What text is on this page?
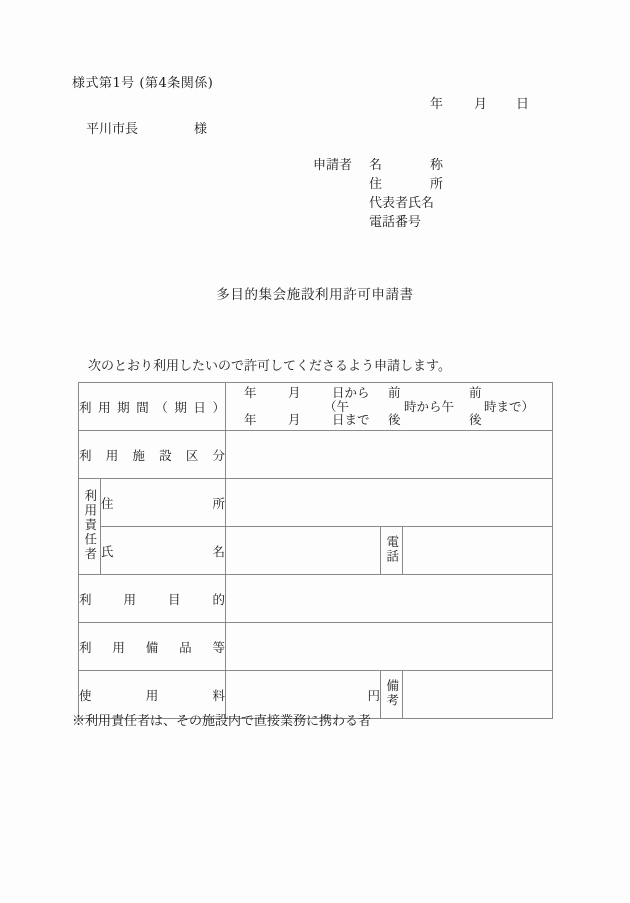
様式第1号 (第4条関係)
年 月 日
平川市長	様
申請者	名	称
住	所
代表者氏名
電話番号
多目的集会施設利用許可申請書
次のとおり利用したいので許可してくださるよう申請します。
利 用 期 間 （ 期 日 ）

年	月	日から 前	前
（午	時から午 時まで）
年	月	日まで 後	後

利 用 施 設 区 分

利用責任者	住 所			

	氏 名		電話	

利 用 目 的				

利 用 備 品 等				

使 用 料		円	備考	
※利用責任者は、その施設内で直接業務に携わる者
